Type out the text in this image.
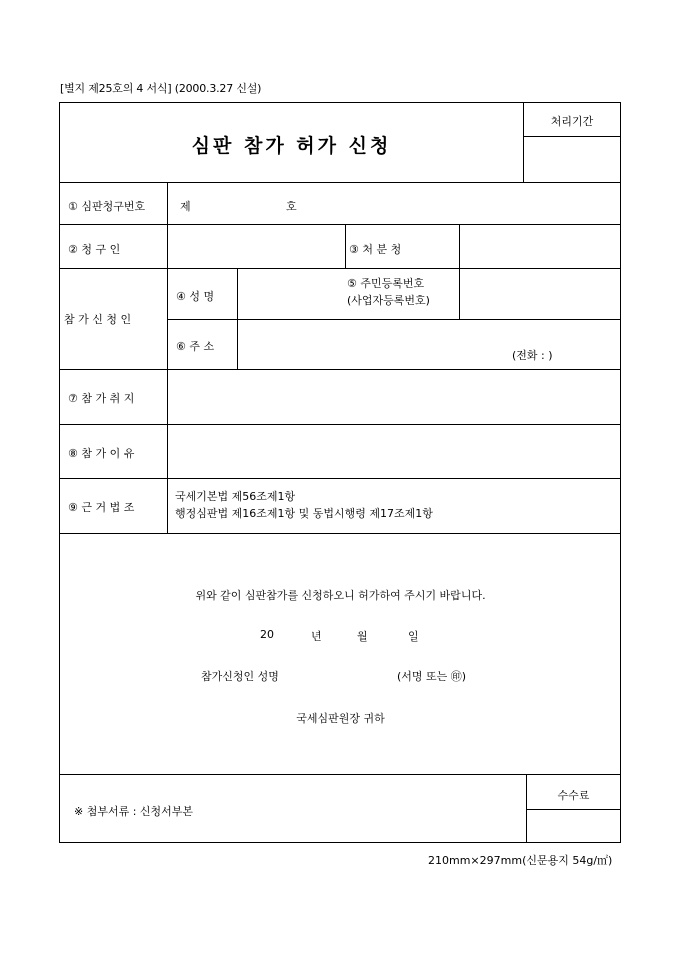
[별지 제25호의 4 서식] (2000.3.27 신설)
심판 참가 허가 신청
처리기간
① 심판청구번호	제	호
② 청 구 인	③ 처 분 청
참 가 신 청 인
④ 성 명
⑤ 주민등록번호
(사업자등록번호)
⑥ 주 소
(전화 : )
⑦ 참 가 취 지
⑧ 참 가 이 유
⑨ 근 거 법 조
국세기본법 제56조제1항
행정심판법 제16조제1항 및 동법시행령 제17조제1항
위와 같이 심판참가를 신청하오니 허가하여 주시기 바랍니다.
20	년	월	일
참가신청인 성명	(서명 또는 ㊞)
국세심판원장 귀하
※ 첨부서류 : 신청서부본
수수료
210mm×297mm(신문용지 54g/㎡)
